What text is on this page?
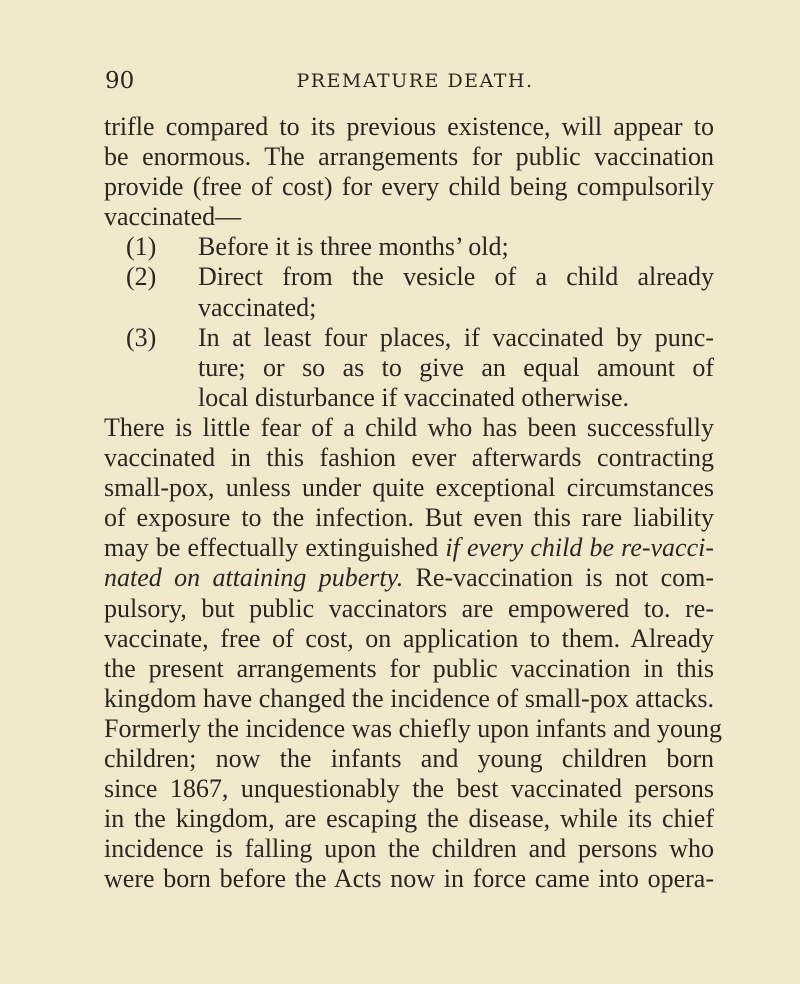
90	PREMATURE DEATH.
trifle compared to its previous existence, will appear to
be enormous. The arrangements for public vaccination
provide (free of cost) for every child being compulsorily
vaccinated—
(1) Before it is three months’ old;
(2)	Direct from the vesicle of a child already
vaccinated;
(3)	In at least four places, if vaccinated by punc-
ture; or so as to give an equal amount of
local disturbance if vaccinated otherwise.
There is little fear of a child who has been successfully
vaccinated in this fashion ever afterwards contracting
small-pox, unless under quite exceptional circumstances
of exposure to the infection. But even this rare liability
may be effectually extinguished if every child be re-vacci-
nated on attaining puberty. Re-vaccination is not com-
pulsory, but public vaccinators are empowered to. re-
vaccinate, free of cost, on application to them. Already
the present arrangements for public vaccination in this
kingdom have changed the incidence of small-pox attacks.
Formerly the incidence was chiefly upon infants and young
children; now the infants and young children born
since 1867, unquestionably the best vaccinated persons
in the kingdom, are escaping the disease, while its chief
incidence is falling upon the children and persons who
were born before the Acts now in force came into opera-
